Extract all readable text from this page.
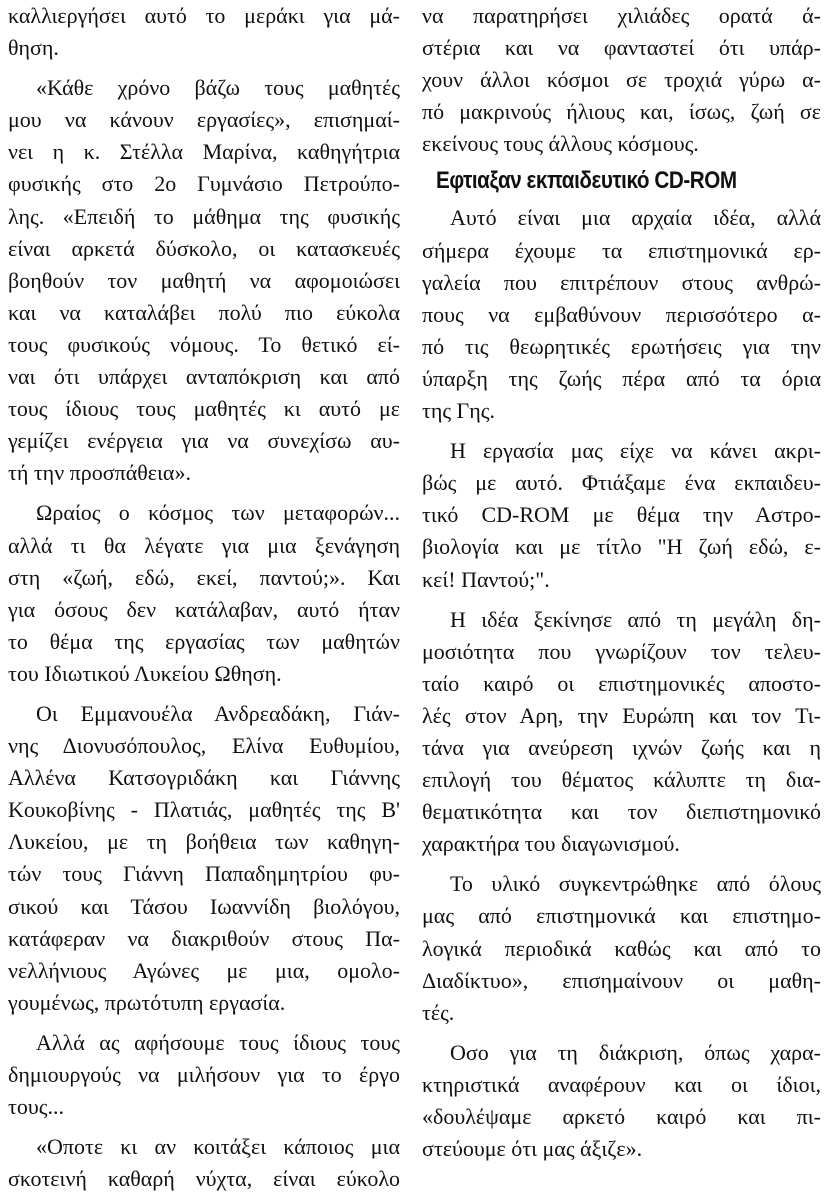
καλλιεργήσει αυτό το μεράκι για μά-
θηση.
«Κάθε χρόνο βάζω τους μαθητές
μου να κάνουν εργασίες», επισημαί-
νει η κ. Στέλλα Μαρίνα, καθηγήτρια
φυσικής στο 2ο Γυμνάσιο Πετρούπο-
λης. «Επειδή το μάθημα της φυσικής
είναι αρκετά δύσκολο, οι κατασκευές
βοηθούν τον μαθητή να αφομοιώσει
και να καταλάβει πολύ πιο εύκολα
τους φυσικούς νόμους. Το θετικό εί-
ναι ότι υπάρχει ανταπόκριση και από
τους ίδιους τους μαθητές κι αυτό με
γεμίζει ενέργεια για να συνεχίσω αυ-
τή την προσπάθεια».
Ωραίος ο κόσμος των μεταφορών...
αλλά τι θα λέγατε για μια ξενάγηση
στη «ζωή, εδώ, εκεί, παντού;». Και
για όσους δεν κατάλαβαν, αυτό ήταν
το θέμα της εργασίας των μαθητών
του Ιδιωτικού Λυκείου Ωθηση.
Οι Εμμανουέλα Ανδρεαδάκη, Γιάν-
νης Διονυσόπουλος, Ελίνα Ευθυμίου,
Αλλένα Κατσογριδάκη και Γιάννης
Κουκοβίνης - Πλατιάς, μαθητές της Β'
Λυκείου, με τη βοήθεια των καθηγη-
τών τους Γιάννη Παπαδημητρίου φυ-
σικού και Τάσου Ιωαννίδη βιολόγου,
κατάφεραν να διακριθούν στους Πα-
νελλήνιους Αγώνες με μια, ομολο-
γουμένως, πρωτότυπη εργασία.
Αλλά ας αφήσουμε τους ίδιους τους
δημιουργούς να μιλήσουν για το έργο
τους...
«Οποτε κι αν κοιτάξει κάποιος μια
σκοτεινή καθαρή νύχτα, είναι εύκολο
να παρατηρήσει χιλιάδες ορατά ά-
στέρια και να φανταστεί ότι υπάρ-
χουν άλλοι κόσμοι σε τροχιά γύρω α-
πό μακρινούς ήλιους και, ίσως, ζωή σε
εκείνους τους άλλους κόσμους.
Εφτιαξαν εκπαιδευτικό CD-ROM
Αυτό είναι μια αρχαία ιδέα, αλλά
σήμερα έχουμε τα επιστημονικά ερ-
γαλεία που επιτρέπουν στους ανθρώ-
πους να εμβαθύνουν περισσότερο α-
πό τις θεωρητικές ερωτήσεις για την
ύπαρξη της ζωής πέρα από τα όρια
της Γης.
Η εργασία μας είχε να κάνει ακρι-
βώς με αυτό. Φτιάξαμε ένα εκπαιδευ-
τικό CD-ROM με θέμα την Αστρο-
βιολογία και με τίτλο "Η ζωή εδώ, ε-
κεί! Παντού;".
Η ιδέα ξεκίνησε από τη μεγάλη δη-
μοσιότητα που γνωρίζουν τον τελευ-
ταίο καιρό οι επιστημονικές αποστο-
λές στον Αρη, την Ευρώπη και τον Τι-
τάνα για ανεύρεση ιχνών ζωής και η
επιλογή του θέματος κάλυπτε τη δια-
θεματικότητα και τον διεπιστημονικό
χαρακτήρα του διαγωνισμού.
Το υλικό συγκεντρώθηκε από όλους
μας από επιστημονικά και επιστημο-
λογικά περιοδικά καθώς και από το
Διαδίκτυο», επισημαίνουν οι μαθη-
τές.
Οσο για τη διάκριση, όπως χαρα-
κτηριστικά αναφέρουν και οι ίδιοι,
«δουλέψαμε αρκετό καιρό και πι-
στεύουμε ότι μας άξιζε».
